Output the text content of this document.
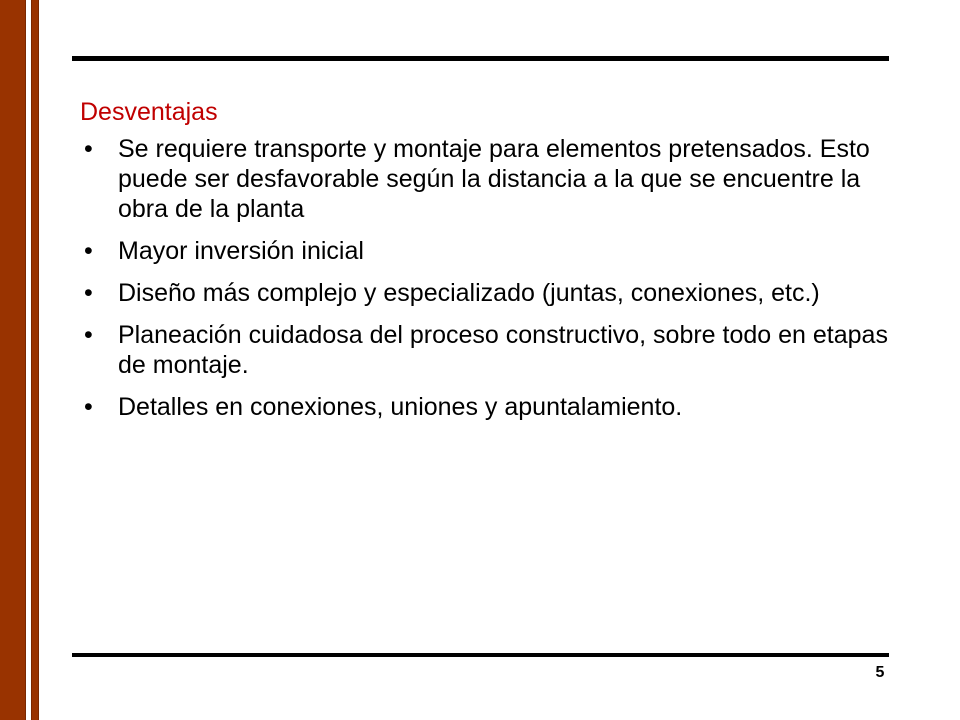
Desventajas
• Se requiere transporte y montaje para elementos pretensados. Esto puede ser desfavorable según la distancia a la que se encuentre la obra de la planta
• Mayor inversión inicial
• Diseño más complejo y especializado (juntas, conexiones, etc.)
• Planeación cuidadosa del proceso constructivo, sobre todo en etapas de montaje.
• Detalles en conexiones, uniones y apuntalamiento.
5
